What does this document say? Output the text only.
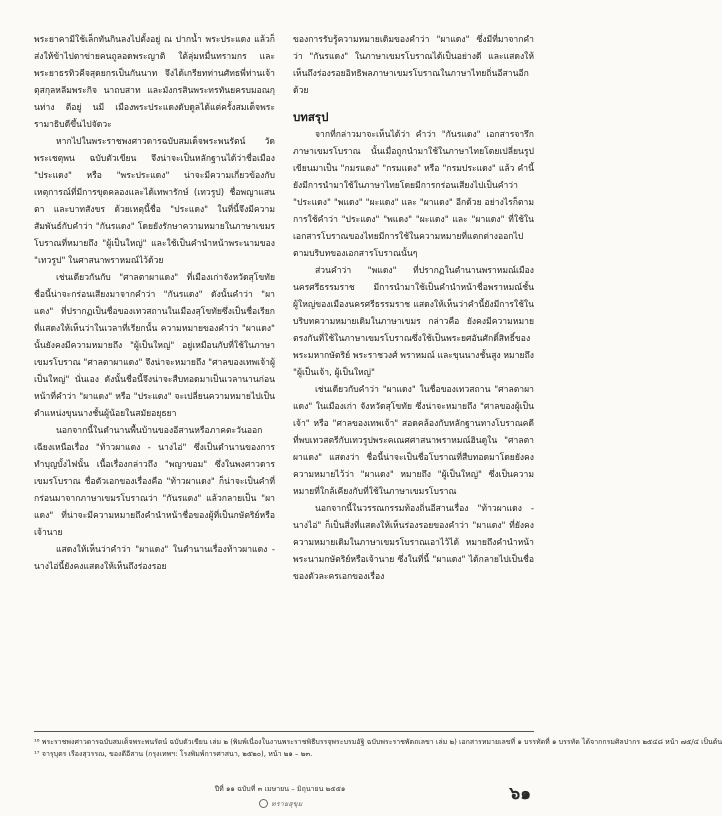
พระยาคามีใช้เล็กทันกินลงไปตั้งอยู่ ณ ปากน้ำ พระประแดง แล้วก็ส่งให้ข้าไปตาข่ายคนถูลอดพระญาติ ใต้ลุ่มหมื่นทรามกร และพระยาธรทิวคีจสุดยกรเป็นกันนาท จึงได้เกรียทท่านศัทธพี่ท่านเจ้าตุสกุลหลีมพระกิจ นาถบสาท และมังกรสินพระทรทันยครบมอณกุนท่าง ตีอยู่ นมี เมืองพระประแดงดับดูลได้แต่ครั้งสมเด็จพระรามาธิบดีขึ้นไปจัดวะ

หากไปในพระราชพงศาวดารฉบับสมเด็จพระพนรัตน์ วัดพระเชตุพน ฉบับตัวเขียน จึงน่าจะเป็นหลักฐานได้ว่าชื่อเมือง "ประแดง" หรือ "พระประแดง" น่าจะมีความเกี่ยวข้องกับเหตุการณ์ที่มีการขุดคลองและได้เทพารักษ์ (เทวรูป) ชื่อพญาแสนตา และบาทสังขร ด้วยเหตุนี้ชื่อ "ประแดง" ในที่นี้จึงมีความสัมพันธ์กับคำว่า "กันรแดง" โดยยังรักษาความหมายในภาษาเขมรโบราณที่หมายถึง "ผู้เป็นใหญ่" และใช้เป็นคำนำหน้าพระนามของ "เทวรูป" ในศาสนาพราหมณ์ไว้ด้วย

เช่นเดียวกันกับ "ศาลตาผาแดง" ที่เมืองเก่าจังหวัดสุโขทัย ชื่อนี้น่าจะกร่อนเสียงมาจากคำว่า "กันรแดง" ดังนั้นคำว่า "ผาแดง" ที่ปรากฏเป็นชื่อของเทวสถานในเมืองสุโขทัยซึ่งเป็นชื่อเรียกที่แสดงให้เห็นว่าในเวลาที่เรียกนั้น ความหมายของคำว่า "ผาแดง" นั้นยังคงมีความหมายถึง "ผู้เป็นใหญ่" อยู่เหมือนกับที่ใช้ในภาษาเขมรโบราณ "ศาลตาผาแดง" จึงน่าจะหมายถึง "ศาลของเทพเจ้าผู้เป็นใหญ่" นั่นเอง ดังนั้นชื่อนี้จึงน่าจะสืบทอดมาเป็นเวลานานก่อนหน้าที่คำว่า "ผาแดง" หรือ "ประแดง" จะเปลี่ยนความหมายไปเป็นตำแหน่งขุนนางชั้นผู้น้อยในสมัยอยุธยา

นอกจากนี้ในตำนานพื้นบ้านของอีสานหรือภาคตะวันออกเฉียงเหนือเรื่อง "ท้าวผาแดง - นางไอ่" ซึ่งเป็นตำนานของการทำบุญบั้งไฟนั้น เนื้อเรื่องกล่าวถึง "พญาขอม" ซึ่งในพงศาวดารเขมรโบราณ ชื่อตัวเอกของเรื่องคือ "ท้าวผาแดง" ก็น่าจะเป็นคำที่กร่อนมาจากภาษาเขมรโบราณว่า "กันรแดง" แล้วกลายเป็น "ผาแดง" ที่น่าจะมีความหมายถึงคำนำหน้าชื่อของผู้ที่เป็นกษัตริย์หรือเจ้านาย

แสดงให้เห็นว่าคำว่า "ผาแดง" ในตำนานเรื่องท้าวผาแดง - นางไอ่นี้ยังคงแสดงให้เห็นถึงร่องรอย

ของการรับรู้ความหมายเดิมของคำว่า "ผาแดง" ซึ่งมีที่มาจากคำว่า "กันรแดง" ในภาษาเขมรโบราณได้เป็นอย่างดี และแสดงให้เห็นถึงร่องรอยอิทธิพลภาษาเขมรโบราณในภาษาไทยถิ่นอีสานอีกด้วย

บทสรุป

จากที่กล่าวมาจะเห็นได้ว่า คำว่า "กันรแดง" เอกสารจารึกภาษาเขมรโบราณ นั้นเมื่อถูกนำมาใช้ในภาษาไทยโดยเปลี่ยนรูปเขียนมาเป็น "กมรแดง" "กรมแดง" หรือ "กรมประแดง" แล้ว คำนี้ยังมีการนำมาใช้ในภาษาไทยโดยมีการกร่อนเสียงไปเป็นคำว่า "ประแดง" "พแดง" "ผะแดง" และ "ผาแดง" อีกด้วย อย่างไรก็ตามการใช้คำว่า "ประแดง" "พแดง" "ผะแดง" และ "ผาแดง" ที่ใช้ในเอกสารโบราณของไทยมีการใช้ในความหมายที่แตกต่างออกไปตามบริบทของเอกสารโบราณนั้นๆ

ส่วนคำว่า "พแดง" ที่ปรากฏในตำนานพราหมณ์เมืองนครศรีธรรมราช มีการนำมาใช้เป็นคำนำหน้าชื่อพราหมณ์ชั้นผู้ใหญ่ของเมืองนครศรีธรรมราช แสดงให้เห็นว่าคำนี้ยังมีการใช้ในบริบทความหมายเดิมในภาษาเขมร กล่าวคือ ยังคงมีความหมายตรงกันที่ใช้ในภาษาเขมรโบราณซึ่งใช้เป็นพระยศอันศักดิ์สิทธิ์ของพระมหากษัตริย์ พระราชวงศ์ พราหมณ์ และขุนนางชั้นสูง หมายถึง "ผู้เป็นเจ้า, ผู้เป็นใหญ่"

เช่นเดียวกับคำว่า "ผาแดง" ในชื่อของเทวสถาน "ศาลตาผาแดง" ในเมืองเก่า จังหวัดสุโขทัย ซึ่งน่าจะหมายถึง "ศาลของผู้เป็นเจ้า" หรือ "ศาลของเทพเจ้า" สอดคล้องกับหลักฐานทางโบราณคดีที่พบเทวสตรีกับเทวรูปพระคเณศศาสนาพราหมณ์ฮินดูใน "ศาลตาผาแดง" แสดงว่า ชื่อนี้น่าจะเป็นชื่อโบราณที่สืบทอดมาโดยยังคงความหมายไว้ว่า "ผาแดง" หมายถึง "ผู้เป็นใหญ่" ซึ่งเป็นความหมายที่ใกล้เคียงกับที่ใช้ในภาษาเขมรโบราณ

นอกจากนี้ในวรรณกรรมท้องถิ่นอีสานเรื่อง "ท้าวผาแดง - นางไอ่" ก็เป็นสิ่งที่แสดงให้เห็นร่องรอยของคำว่า "ผาแดง" ที่ยังคงความหมายเดิมในภาษาเขมรโบราณเอาไว้ได้ หมายถึงคำนำหน้าพระนามกษัตริย์หรือเจ้านาย ซึ่งในที่นี้ "ผาแดง" ได้กลายไปเป็นชื่อของตัวละครเอกของเรื่อง

¹⁶ พระราชพงศาวดารฉบับสมเด็จพระพนรัตน์ ฉบับตัวเขียน เล่ม ๒ (พิมพ์เนื่องในงานพระราชพิธีบรรจุพระบรมอัฐิ ฉบับพระราชพัตถเลขา เล่ม ๒) เอกสารหมายเลขที่ ๑ บรรทัดที่ ๑ บรรทัด ได้จากกรมศิลปากร ๒๕๔๘ หน้า ๗๕/๔ เป็นต้น

¹⁷ จารุบุตร เรืองสุวรรณ, ของดีอีสาน (กรุงเทพฯ: โรงพิมพ์การศาสนา, ๒๕๒๐), หน้า ๒๑ – ๒๓.

ปีที่ ๑๑ ฉบับที่ ๓ เมษายน – มิถุนายน ๒๕๕๑	๖๑
ทรายสุขุม
